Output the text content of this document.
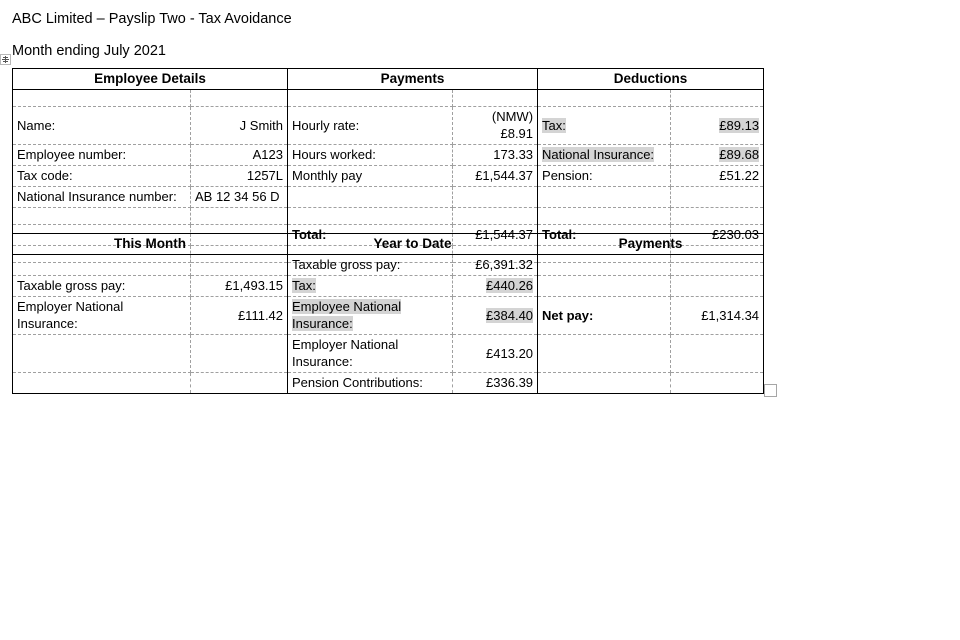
ABC Limited – Payslip Two - Tax Avoidance
Month ending July 2021
Employee Details		Payments		Deductions	

Name:	J Smith	Hourly rate:	(NMW) £8.91	Tax:	£89.13
Employee number:	A123	Hours worked:	173.33	National Insurance:	£89.68
Tax code:	1257L	Monthly pay	£1,544.37	Pension:	£51.22
National Insurance number:	AB 12 34 56 D				

		Total:	£1,544.37	Total:	£230.03

This Month		Year to Date		Payments	
		Taxable gross pay:	£6,391.32		
Taxable gross pay:	£1,493.15	Tax:	£440.26		
Employer National Insurance:	£111.42	Employee National Insurance:	£384.40	Net pay:	£1,314.34
		Employer National Insurance:	£413.20		
		Pension Contributions:	£336.39		
